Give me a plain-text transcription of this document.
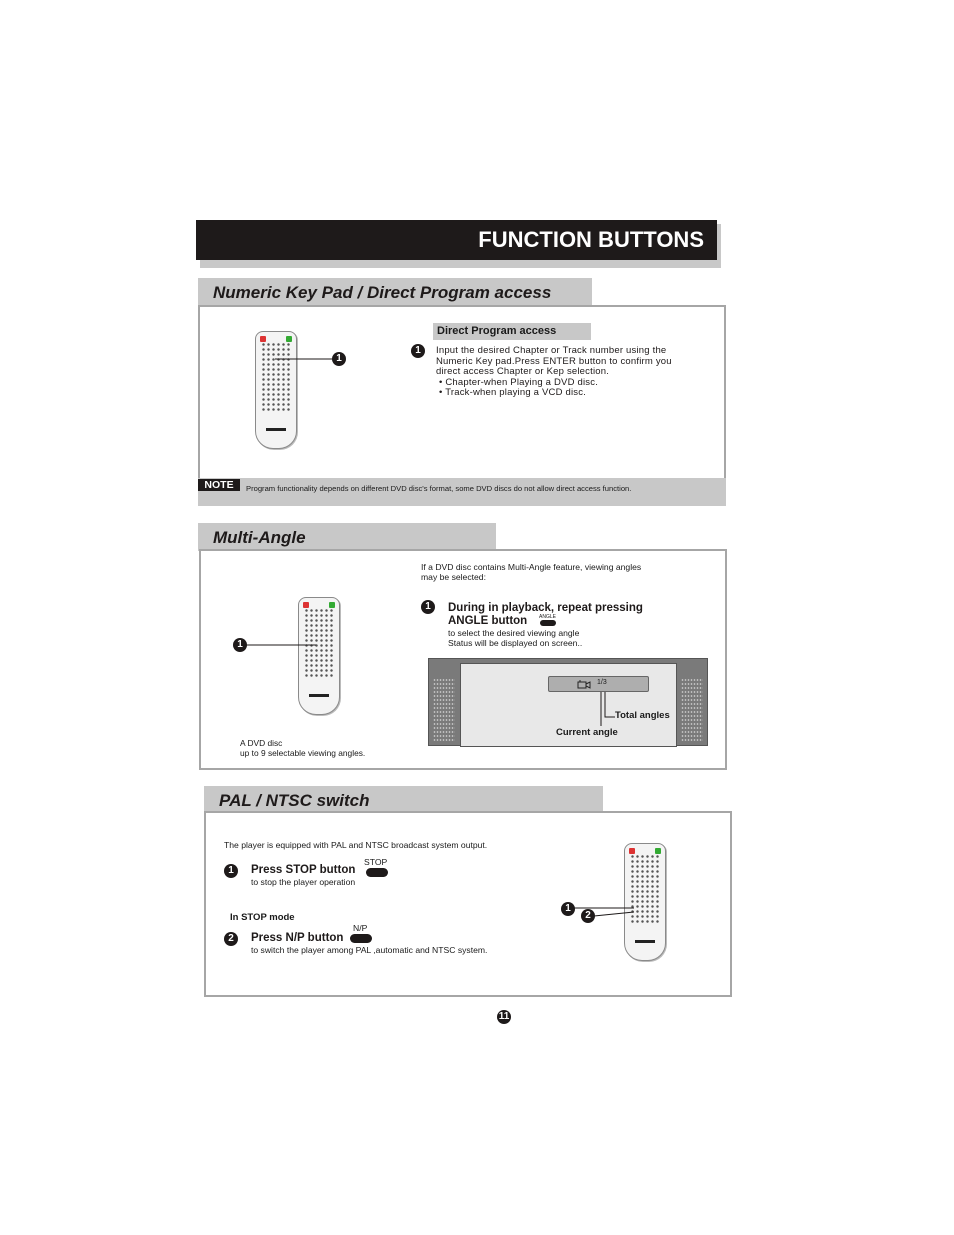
FUNCTION BUTTONS
Numeric Key Pad / Direct Program access
1
Direct Program access
1	Input the desired Chapter or Track number using the
Numeric Key pad.Press ENTER button to confirm you
direct access Chapter or Kep selection.
• Chapter-when Playing a DVD disc.
• Track-when playing a VCD disc.
NOTE	Program functionality depends on different DVD disc's format, some DVD discs do not allow direct access function.
Multi-Angle
If a DVD disc contains Multi-Angle feature, viewing angles
may be selected:
1
A DVD disc
up to 9 selectable viewing angles.
1	During in playback, repeat pressing
ANGLE button	ANGLE
to select the desired viewing angle
Status will be displayed on screen..
1/3
Total angles
Current angle
PAL / NTSC switch
The player is equipped with PAL and NTSC broadcast system output.
1	Press STOP button
STOP
to stop the player operation
In STOP mode
2	Press N/P button
N/P
to switch the player among PAL ,automatic and NTSC system.
1
2
11
